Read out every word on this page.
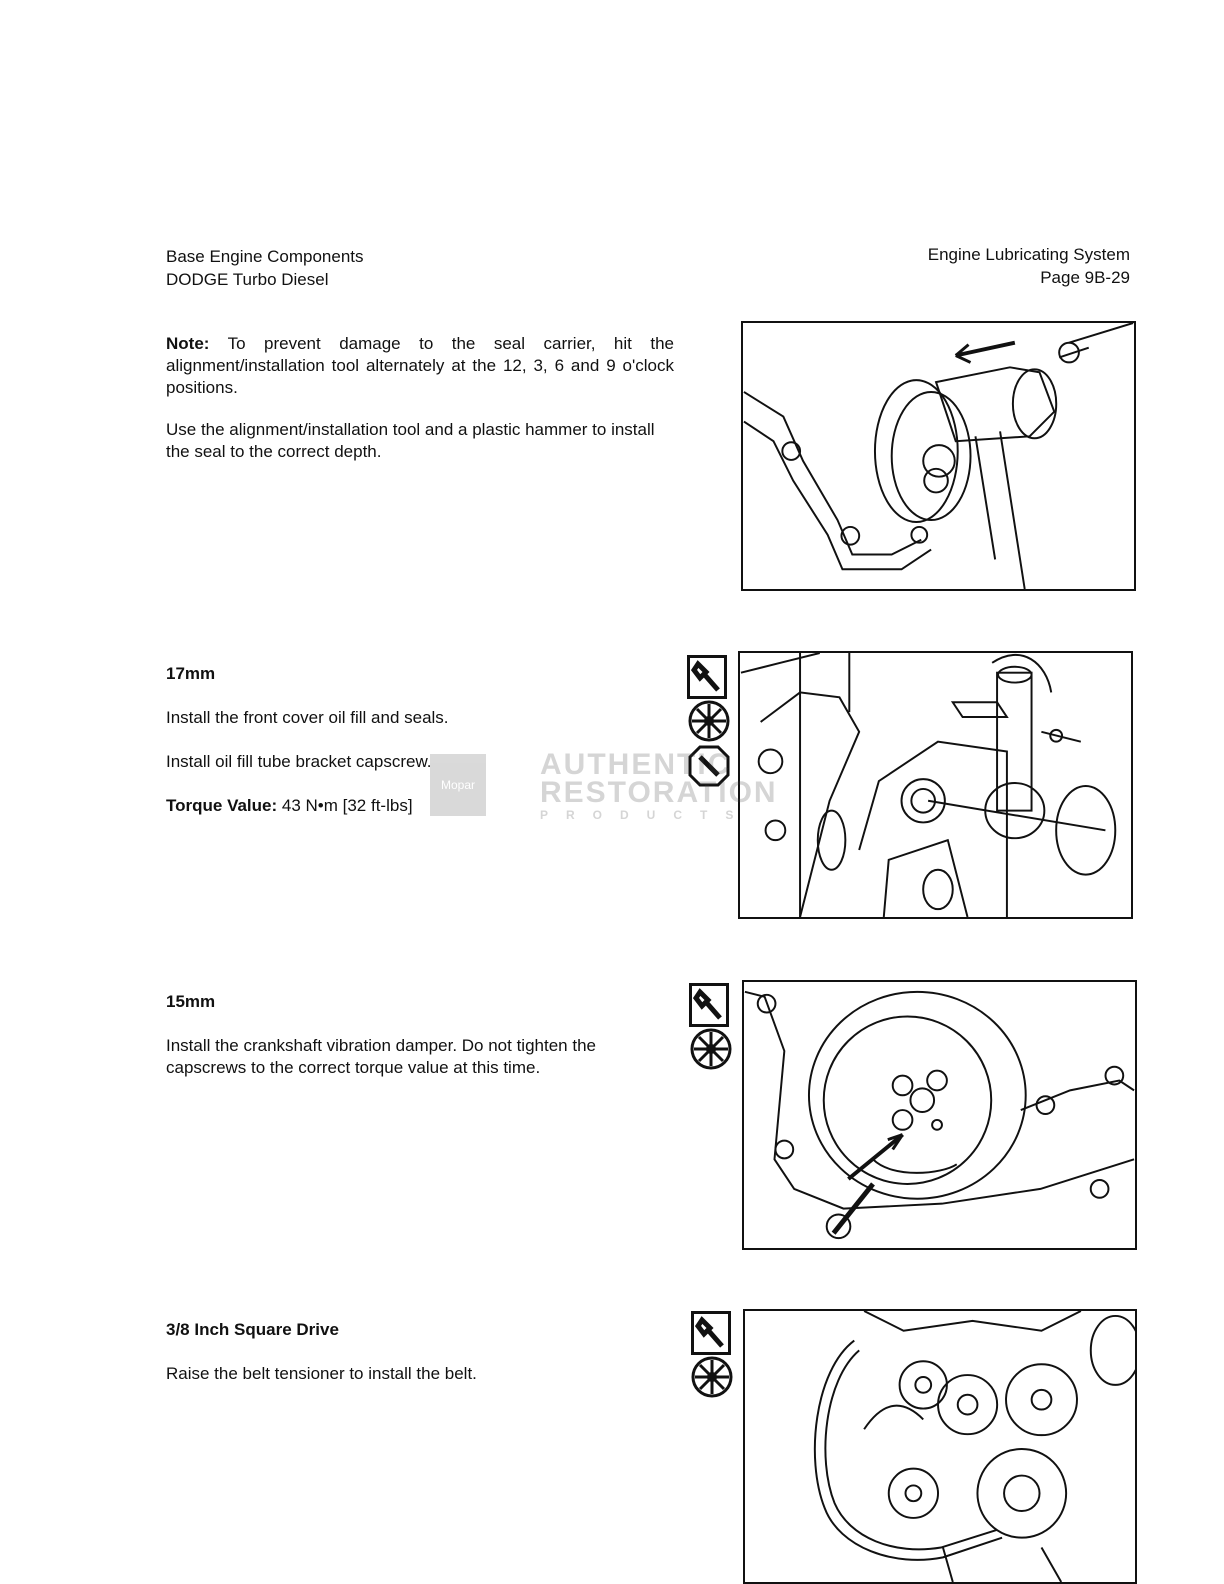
Base Engine Components
DODGE Turbo Diesel
Engine Lubricating System
Page 9B-29

Note: To prevent damage to the seal carrier, hit the alignment/installation tool alternately at the 12, 3, 6 and 9 o'clock positions.

Use the alignment/installation tool and a plastic hammer to install the seal to the correct depth.

17mm
Install the front cover oil fill and seals.
Install oil fill tube bracket capscrew.
Torque Value: 43 N•m [32 ft-lbs]
Mopar
AUTHENTIC
RESTORATION
PRODUCTS
15mm
Install the crankshaft vibration damper. Do not tighten the capscrews to the correct torque value at this time.
3/8 Inch Square Drive
Raise the belt tensioner to install the belt.
